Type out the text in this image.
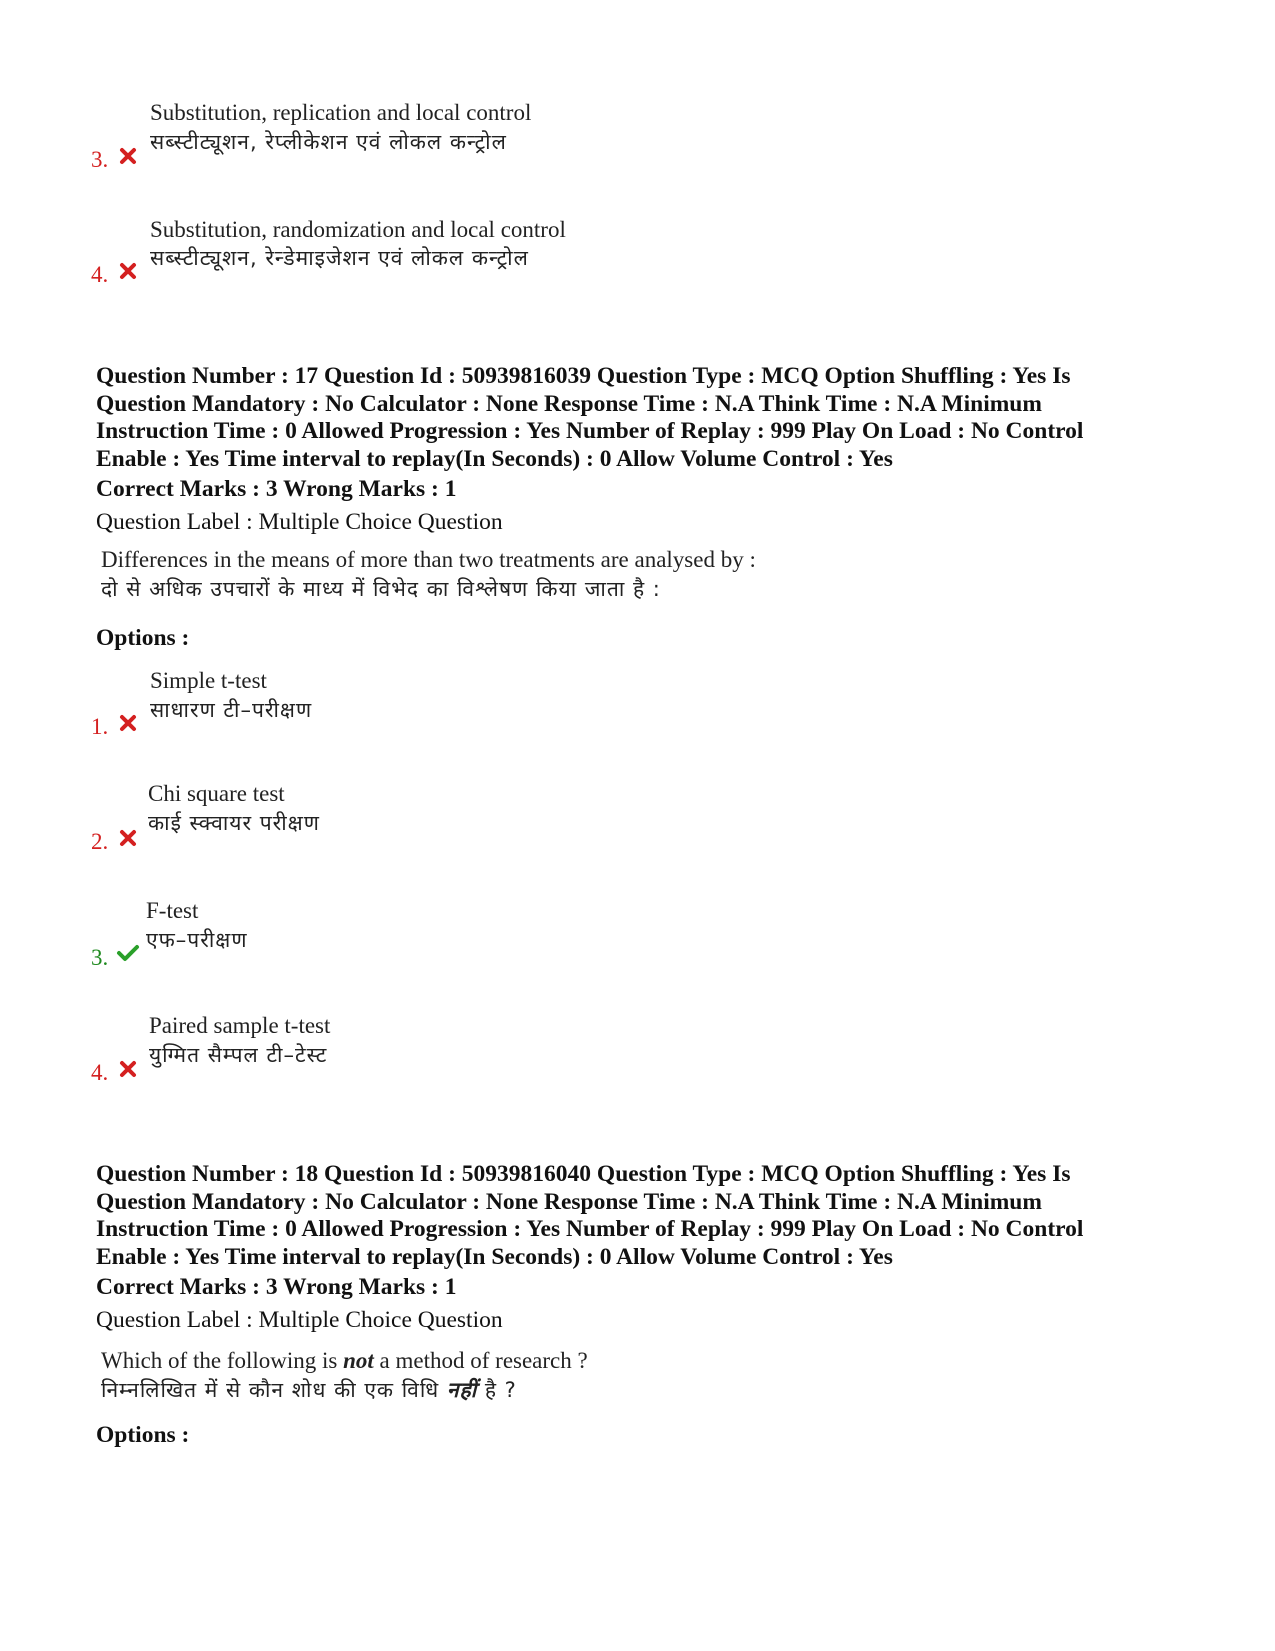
Substitution, replication and local control
सब्स्टीट्यूशन, रेप्लीकेशन एवं लोकल कन्ट्रोल
3.
Substitution, randomization and local control
सब्स्टीट्यूशन, रेन्डेमाइजेशन एवं लोकल कन्ट्रोल
4.

Question Number : 17 Question Id : 50939816039 Question Type : MCQ Option Shuffling : Yes Is

Question Mandatory : No Calculator : None Response Time : N.A Think Time : N.A Minimum

Instruction Time : 0 Allowed Progression : Yes Number of Replay : 999 Play On Load : No Control

Enable : Yes Time interval to replay(In Seconds) : 0 Allow Volume Control : Yes

Correct Marks : 3 Wrong Marks : 1
Question Label : Multiple Choice Question
Differences in the means of more than two treatments are analysed by :
दो से अधिक उपचारों के माध्य में विभेद का विश्लेषण किया जाता है :
Options :
Simple t-test
साधारण टी–परीक्षण
1.
Chi square test
काई स्क्वायर परीक्षण
2.
F-test
एफ–परीक्षण
3.
Paired sample t-test
युग्मित सैम्पल टी–टेस्ट
4.

Question Number : 18 Question Id : 50939816040 Question Type : MCQ Option Shuffling : Yes Is

Question Mandatory : No Calculator : None Response Time : N.A Think Time : N.A Minimum

Instruction Time : 0 Allowed Progression : Yes Number of Replay : 999 Play On Load : No Control

Enable : Yes Time interval to replay(In Seconds) : 0 Allow Volume Control : Yes

Correct Marks : 3 Wrong Marks : 1
Question Label : Multiple Choice Question
Which of the following is not a method of research ?
निम्नलिखित में से कौन शोध की एक विधि नहीं है ?
Options :
